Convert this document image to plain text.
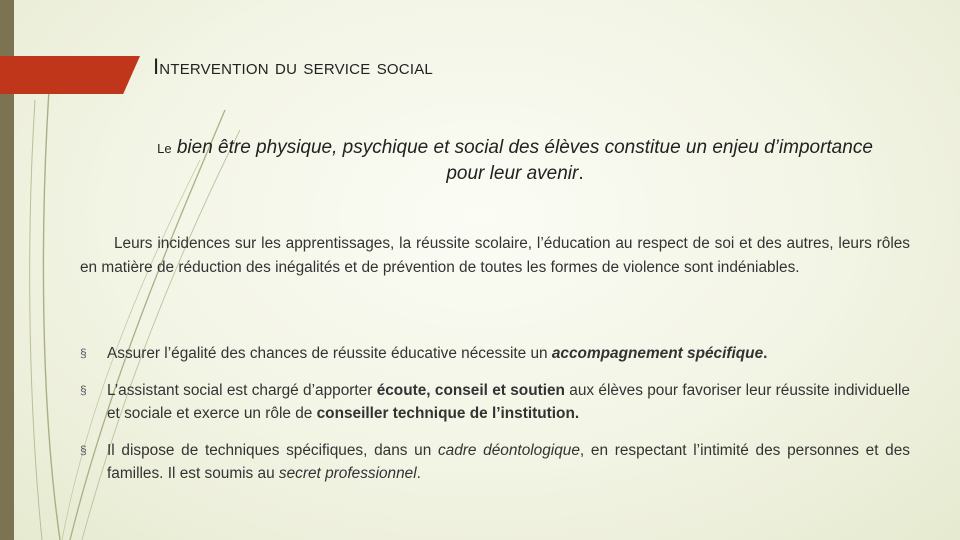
Intervention du service social
Le bien être physique, psychique et social des élèves constitue un enjeu d’importance pour leur avenir.

Leurs incidences sur les apprentissages, la réussite scolaire, l’éducation au respect de soi et des autres, leurs rôles en matière de réduction des inégalités et de prévention de toutes les formes de violence sont indéniables.

§ Assurer l’égalité des chances de réussite éducative nécessite un accompagnement spécifique.
§ L’assistant social est chargé d’apporter écoute, conseil et soutien aux élèves pour favoriser leur réussite individuelle et sociale et exerce un rôle de conseiller technique de l’institution.
§ Il dispose de techniques spécifiques, dans un cadre déontologique, en respectant l’intimité des personnes et des familles. Il est soumis au secret professionnel.
